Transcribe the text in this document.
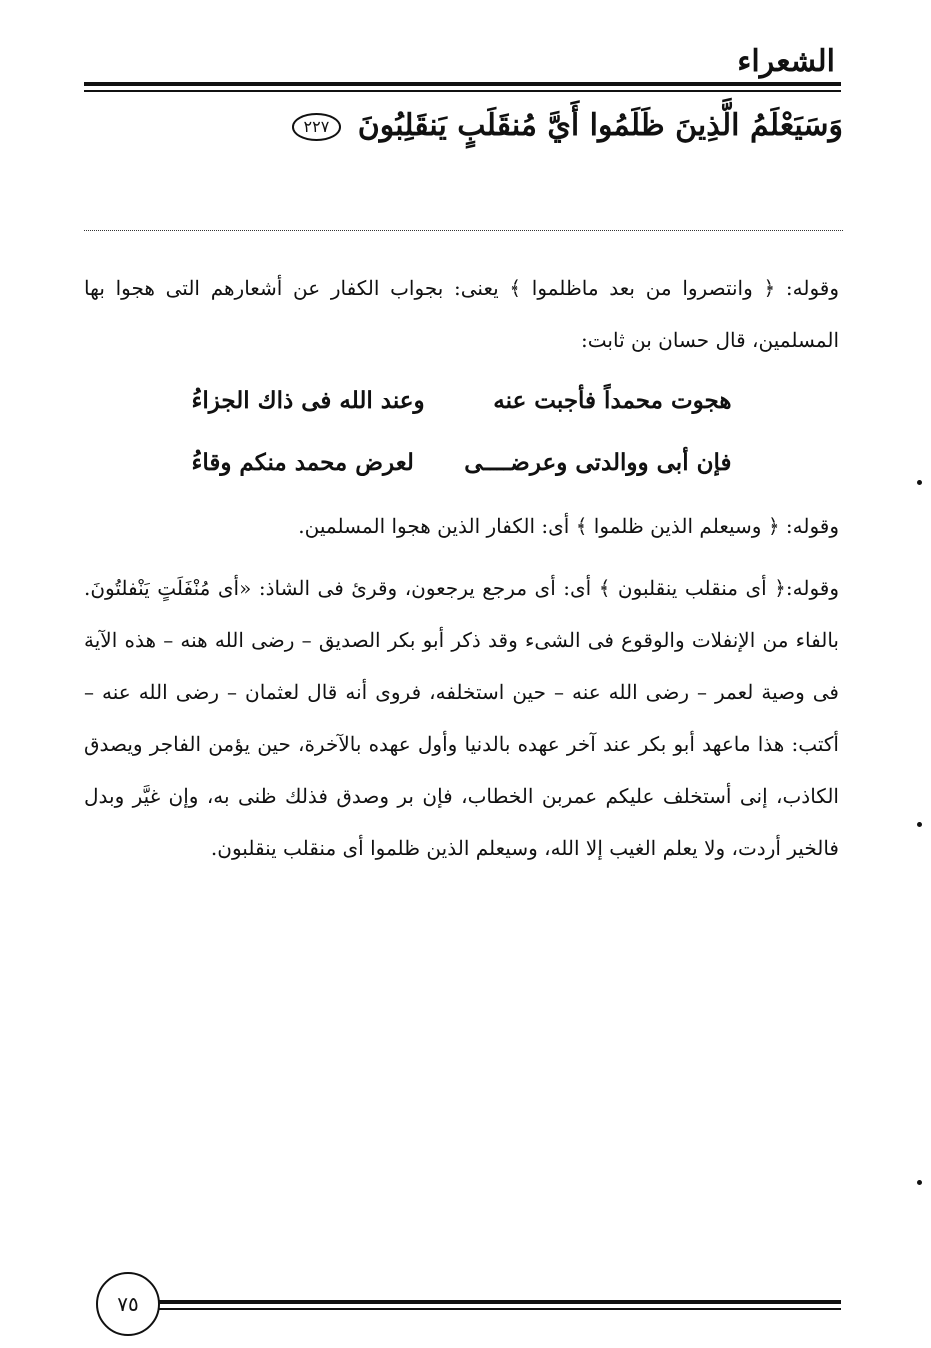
الشعراء
وَسَيَعْلَمُ الَّذِينَ ظَلَمُوا أَيَّ مُنقَلَبٍ يَنقَلِبُونَ ٢٢٧

وقوله: ﴿ وانتصروا من بعد ماظلموا ﴾ يعنى: بجواب الكفار عن أشعارهم التى هجوا بها المسلمين، قال حسان بن ثابت:

هجوت محمداً فأجبت عنه
وعند الله فى ذاك الجزاءُ
فإن أبى ووالدتى وعرضــــى
لعرض محمد منكم وقاءُ

وقوله: ﴿ وسيعلم الذين ظلموا ﴾ أى: الكفار الذين هجوا المسلمين.

وقوله:﴿ أى منقلب ينقلبون ﴾ أى: أى مرجع يرجعون، وقرئ فى الشاذ: «أى مُنْفَلَتٍ يَنْفلتُونَ. بالفاء من الإنفلات والوقوع فى الشىء وقد ذكر أبو بكر الصديق – رضى الله هنه – هذه الآية فى وصية لعمر – رضى الله عنه – حين استخلفه، فروى أنه قال لعثمان – رضى الله عنه – أكتب: هذا ماعهد أبو بكر عند آخر عهده بالدنيا وأول عهده بالآخرة، حين يؤمن الفاجر ويصدق الكاذب، إنى أستخلف عليكم عمربن الخطاب، فإن بر وصدق فذلك ظنى به، وإن غيَّر وبدل فالخير أردت، ولا يعلم الغيب إلا الله، وسيعلم الذين ظلموا أى منقلب ينقلبون.

٧٥
